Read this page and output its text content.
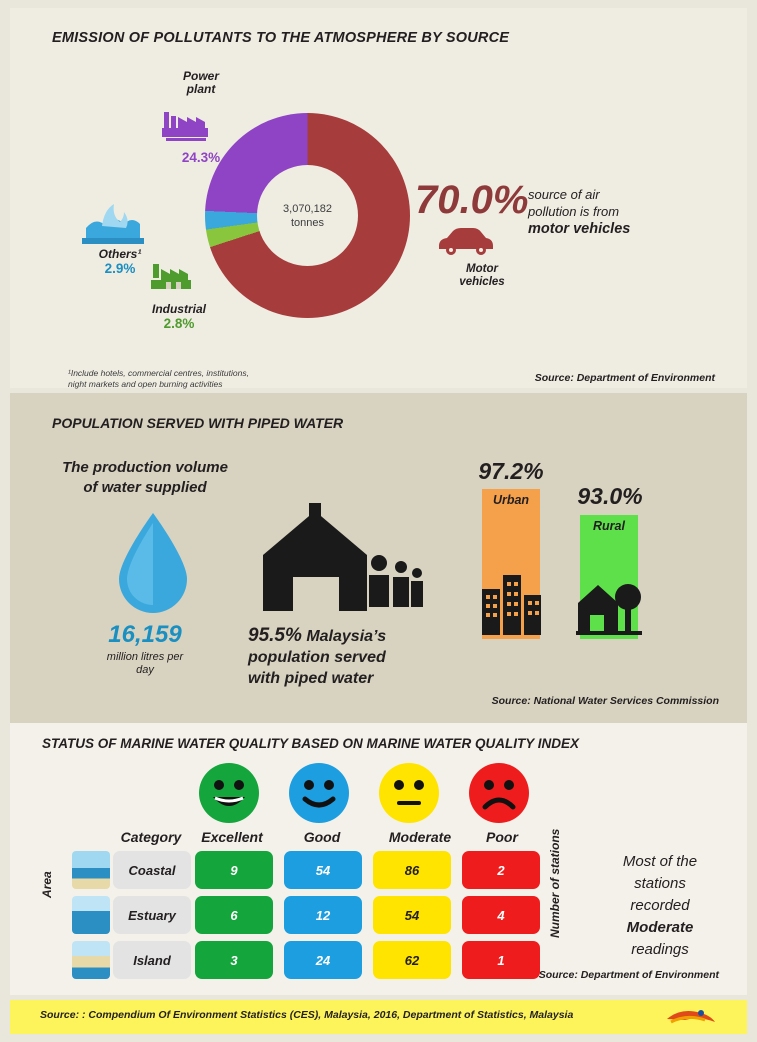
EMISSION OF POLLUTANTS TO THE ATMOSPHERE BY SOURCE
Power
plant
24.3%
Others¹
2.9%
Industrial
2.8%
3,070,182
tonnes
70.0% source of air
pollution is from
motor vehicles
Motor
vehicles
¹Include hotels, commercial centres, institutions,
night markets and open burning activities	Source: Department of Environment
POPULATION SERVED WITH PIPED WATER
The production volume
of water supplied
16,159
million litres per
day
95.5% Malaysia’s
population served
with piped water
97.2%
Urban	93.0%
Rural
Source: National Water Services Commission
STATUS OF MARINE WATER QUALITY BASED ON MARINE WATER QUALITY INDEX
Category	Excellent	Good	Moderate	Poor
Coastal	9	54	86	2
Estuary	6	12	54	4
Island	3	24	62	1
Area	Number of stations	Most of the
stations
recorded
Moderate
readings
Source: Department of Environment
Source: : Compendium Of Environment Statistics (CES), Malaysia, 2016, Department of Statistics, Malaysia
